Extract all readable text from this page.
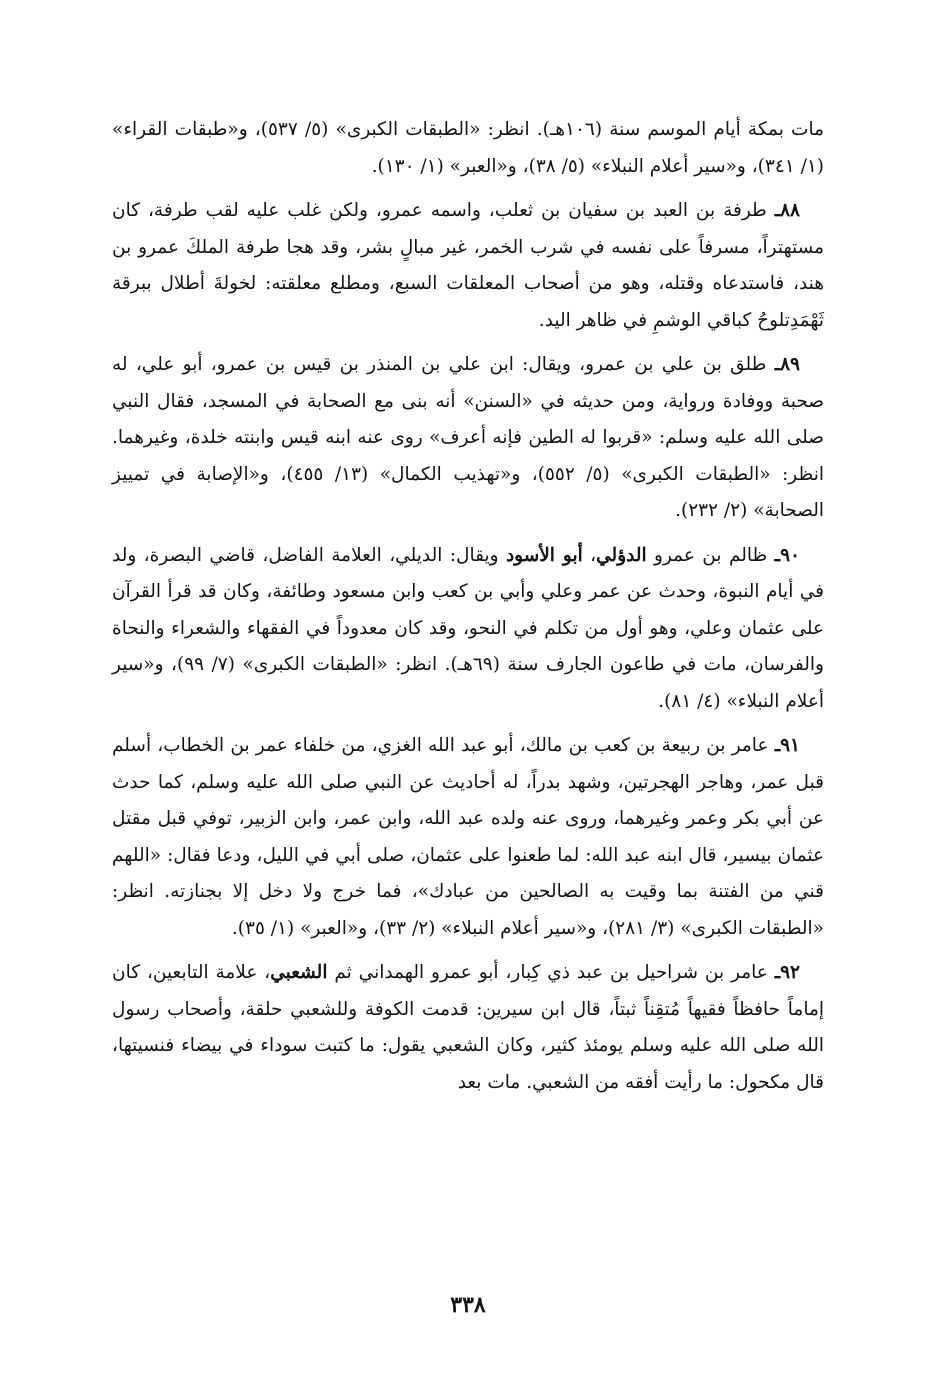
مات بمكة أيام الموسم سنة (١٠٦هـ). انظر: «الطبقات الكبرى» (٥/ ٥٣٧)، و«طبقات القراء» (١/ ٣٤١)، و«سير أعلام النبلاء» (٥/ ٣٨)، و«العبر» (١/ ١٣٠).

٨٨ـ طرفة بن العبد بن سفيان بن ثعلب، واسمه عمرو، ولكن غلب عليه لقب طرفة، كان مستهتراً، مسرفاً على نفسه في شرب الخمر، غير مبالٍ بشر، وقد هجا طرفة الملكَ عمرو بن هند، فاستدعاه وقتله، وهو من أصحاب المعلقات السبع، ومطلع معلقته: لخولةَ أطلال ببرقة ثَهْمَدِتلوحُ كباقي الوشمِ في ظاهر اليد.

٨٩ـ طلق بن علي بن عمرو، ويقال: ابن علي بن المنذر بن قيس بن عمرو، أبو علي، له صحبة ووفادة ورواية، ومن حديثه في «السنن» أنه بنى مع الصحابة في المسجد، فقال النبي صلى الله عليه وسلم: «قربوا له الطين فإنه أعرف» روى عنه ابنه قيس وابنته خلدة، وغيرهما. انظر: «الطبقات الكبرى» (٥/ ٥٥٢)، و«تهذيب الكمال» (١٣/ ٤٥٥)، و«الإصابة في تمييز الصحابة» (٢/ ٢٣٢).

٩٠ـ ظالم بن عمرو الدؤلي، أبو الأسود ويقال: الديلي، العلامة الفاضل، قاضي البصرة، ولد في أيام النبوة، وحدث عن عمر وعلي وأبي بن كعب وابن مسعود وطائفة، وكان قد قرأ القرآن على عثمان وعلي، وهو أول من تكلم في النحو، وقد كان معدوداً في الفقهاء والشعراء والنحاة والفرسان، مات في طاعون الجارف سنة (٦٩هـ). انظر: «الطبقات الكبرى» (٧/ ٩٩)، و«سير أعلام النبلاء» (٤/ ٨١).

٩١ـ عامر بن ربيعة بن كعب بن مالك، أبو عبد الله الغزي، من خلفاء عمر بن الخطاب، أسلم قبل عمر، وهاجر الهجرتين، وشهد بدراً، له أحاديث عن النبي صلى الله عليه وسلم، كما حدث عن أبي بكر وعمر وغيرهما، وروى عنه ولده عبد الله، وابن عمر، وابن الزبير، توفي قبل مقتل عثمان بيسير، قال ابنه عبد الله: لما طعنوا على عثمان، صلى أبي في الليل، ودعا فقال: «اللهم قني من الفتنة بما وقيت به الصالحين من عبادك»، فما خرج ولا دخل إلا بجنازته. انظر: «الطبقات الكبرى» (٣/ ٢٨١)، و«سير أعلام النبلاء» (٢/ ٣٣)، و«العبر» (١/ ٣٥).

٩٢ـ عامر بن شراحيل بن عبد ذي كِبار، أبو عمرو الهمداني ثم الشعبي، علامة التابعين، كان إماماً حافظاً فقيهاً مُتقِناً ثبتاً، قال ابن سيرين: قدمت الكوفة وللشعبي حلقة، وأصحاب رسول الله صلى الله عليه وسلم يومئذ كثير، وكان الشعبي يقول: ما كتبت سوداء في بيضاء فنسيتها، قال مكحول: ما رأيت أفقه من الشعبي. مات بعد

٣٣٨
